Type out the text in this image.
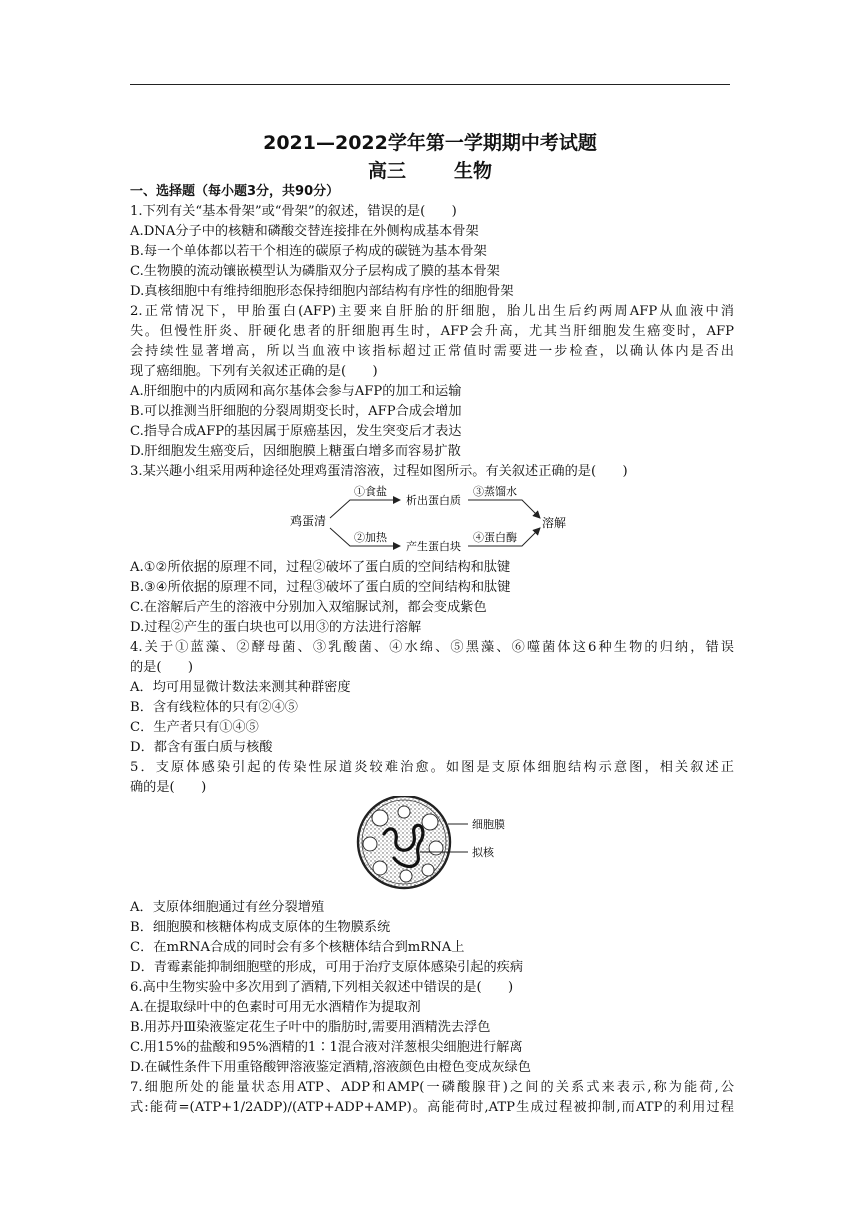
2021—2022学年第一学期期中考试题
高三	生物
一、选择题（每小题3分，共90分）
1.下列有关“基本骨架”或“骨架”的叙述，错误的是(　　)
A.DNA分子中的核糖和磷酸交替连接排在外侧构成基本骨架
B.每一个单体都以若干个相连的碳原子构成的碳链为基本骨架
C.生物膜的流动镶嵌模型认为磷脂双分子层构成了膜的基本骨架
D.真核细胞中有维持细胞形态保持细胞内部结构有序性的细胞骨架
2.正常情况下，甲胎蛋白(AFP)主要来自肝胎的肝细胞，胎儿出生后约两周AFP从血液中消
失。但慢性肝炎、肝硬化患者的肝细胞再生时，AFP会升高，尤其当肝细胞发生癌变时，AFP
会持续性显著增高，所以当血液中该指标超过正常值时需要进一步检查，以确认体内是否出
现了癌细胞。下列有关叙述正确的是(　　)
A.肝细胞中的内质网和高尔基体会参与AFP的加工和运输
B.可以推测当肝细胞的分裂周期变长时，AFP合成会增加
C.指导合成AFP的基因属于原癌基因，发生突变后才表达
D.肝细胞发生癌变后，因细胞膜上糖蛋白增多而容易扩散
3.某兴趣小组采用两种途径处理鸡蛋清溶液，过程如图所示。有关叙述正确的是(　　)
鸡蛋清
①食盐
析出蛋白质
③蒸馏水
②加热
产生蛋白块
④蛋白酶
溶解
A.①②所依据的原理不同，过程②破坏了蛋白质的空间结构和肽键
B.③④所依据的原理不同，过程③破坏了蛋白质的空间结构和肽键
C.在溶解后产生的溶液中分别加入双缩脲试剂，都会变成紫色
D.过程②产生的蛋白块也可以用③的方法进行溶解
4.关于①蓝藻、②酵母菌、③乳酸菌、④水绵、⑤黑藻、⑥噬菌体这6种生物的归纳，错误
的是(　　)
A．均可用显微计数法来测其种群密度
B．含有线粒体的只有②④⑤
C．生产者只有①④⑤
D．都含有蛋白质与核酸
5．支原体感染引起的传染性尿道炎较难治愈。如图是支原体细胞结构示意图，相关叙述正
确的是(　　)
细胞膜
拟核
A．支原体细胞通过有丝分裂增殖
B．细胞膜和核糖体构成支原体的生物膜系统
C．在mRNA合成的同时会有多个核糖体结合到mRNA上
D．青霉素能抑制细胞壁的形成，可用于治疗支原体感染引起的疾病
6.高中生物实验中多次用到了酒精,下列相关叙述中错误的是(　　)
A.在提取绿叶中的色素时可用无水酒精作为提取剂
B.用苏丹Ⅲ染液鉴定花生子叶中的脂肪时,需要用酒精洗去浮色
C.用15%的盐酸和95%酒精的1∶1混合液对洋葱根尖细胞进行解离
D.在碱性条件下用重铬酸钾溶液鉴定酒精,溶液颜色由橙色变成灰绿色
7.细胞所处的能量状态用ATP、ADP和AMP(一磷酸腺苷)之间的关系式来表示,称为能荷,公
式:能荷=(ATP+1/2ADP)/(ATP+ADP+AMP)。高能荷时,ATP生成过程被抑制,而ATP的利用过程
